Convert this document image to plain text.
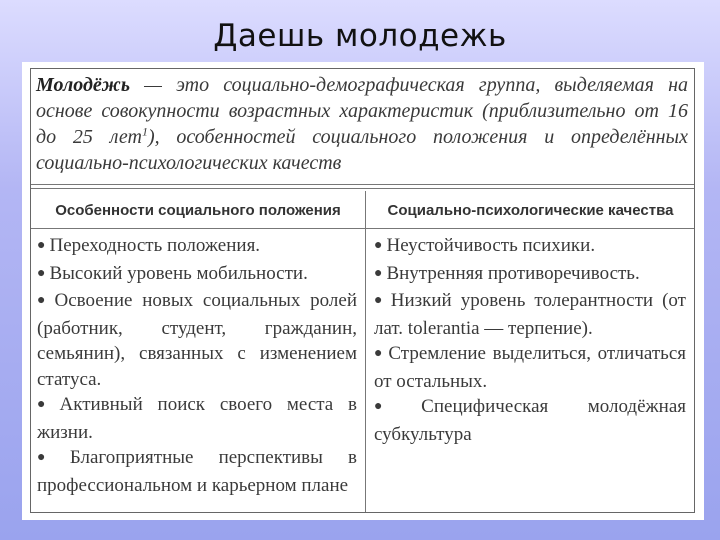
Даешь молодежь
Молодёжь — это социально-демографическая группа, выделяемая на основе совокупности возрастных характеристик (приблизительно от 16 до 25 лет$^1$), особенностей социального положения и определённых социально-психологических качеств
Особенности социального положения	Социально-психологические качества

● Переходность положения.

● Высокий уровень мобильности.

● Освоение новых социальных ролей (работник, студент, гражданин, семьянин), связанных с изменением статуса.

● Активный поиск своего места в жизни.

● Благоприятные перспективы в профессиональном и карьерном плане

● Неустойчивость психики.

● Внутренняя противоречивость.

● Низкий уровень толерантности (от лат. tolerantia — терпение).

● Стремление выделиться, отличаться от остальных.

● Специфическая молодёжная субкультура
